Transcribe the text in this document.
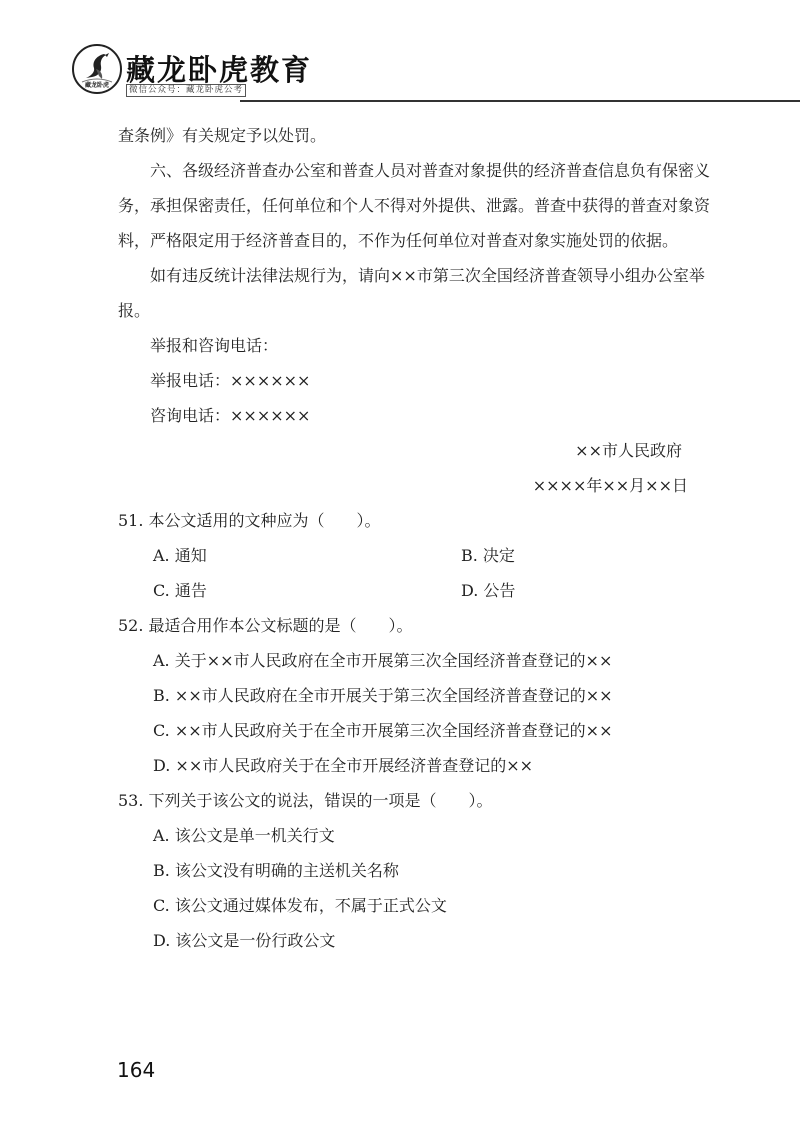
藏龙卧虎 藏龙卧虎教育
微信公众号：藏龙卧虎公考

查条例》有关规定予以处罚。

六、各级经济普查办公室和普查人员对普查对象提供的经济普查信息负有保密义务，承担保密责任，任何单位和个人不得对外提供、泄露。普查中获得的普查对象资料，严格限定用于经济普查目的，不作为任何单位对普查对象实施处罚的依据。

如有违反统计法律法规行为，请向××市第三次全国经济普查领导小组办公室举报。

举报和咨询电话：

举报电话：××××××

咨询电话：××××××

××市人民政府

××××年××月××日

51. 本公文适用的文种应为（　　）。

A. 通知	B. 决定
C. 通告	D. 公告

52. 最适合用作本公文标题的是（　　）。

A. 关于××市人民政府在全市开展第三次全国经济普查登记的××

B. ××市人民政府在全市开展关于第三次全国经济普查登记的××

C. ××市人民政府关于在全市开展第三次全国经济普查登记的××

D. ××市人民政府关于在全市开展经济普查登记的××

53. 下列关于该公文的说法，错误的一项是（　　）。

A. 该公文是单一机关行文

B. 该公文没有明确的主送机关名称

C. 该公文通过媒体发布，不属于正式公文

D. 该公文是一份行政公文

164
